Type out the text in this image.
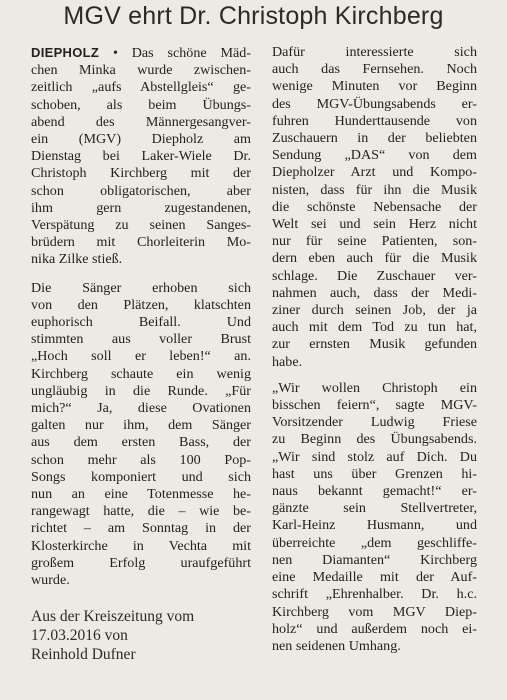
MGV ehrt Dr. Christoph Kirchberg
DIEPHOLZ • Das schöne Mäd-
chen Minka wurde zwischen-
zeitlich „aufs Abstellgleis“ ge-
schoben, als beim Übungs-
abend des Männergesangver-
ein (MGV) Diepholz am
Dienstag bei Laker-Wiele Dr.
Christoph Kirchberg mit der
schon obligatorischen, aber
ihm gern zugestandenen,
Verspätung zu seinen Sanges-
brüdern mit Chorleiterin Mo-
nika Zilke stieß.
Die Sänger erhoben sich
von den Plätzen, klatschten
euphorisch Beifall. Und
stimmten aus voller Brust
„Hoch soll er leben!“ an.
Kirchberg schaute ein wenig
ungläubig in die Runde. „Für
mich?“ Ja, diese Ovationen
galten nur ihm, dem Sänger
aus dem ersten Bass, der
schon mehr als 100 Pop-
Songs komponiert und sich
nun an eine Totenmesse he-
rangewagt hatte, die – wie be-
richtet – am Sonntag in der
Klosterkirche in Vechta mit
großem Erfolg uraufgeführt
wurde.
Dafür interessierte sich
auch das Fernsehen. Noch
wenige Minuten vor Beginn
des MGV-Übungsabends er-
fuhren Hunderttausende von
Zuschauern in der beliebten
Sendung „DAS“ von dem
Diepholzer Arzt und Kompo-
nisten, dass für ihn die Musik
die schönste Nebensache der
Welt sei und sein Herz nicht
nur für seine Patienten, son-
dern eben auch für die Musik
schlage. Die Zuschauer ver-
nahmen auch, dass der Medi-
ziner durch seinen Job, der ja
auch mit dem Tod zu tun hat,
zur ernsten Musik gefunden
habe.
„Wir wollen Christoph ein
bisschen feiern“, sagte MGV-
Vorsitzender Ludwig Friese
zu Beginn des Übungsabends.
„Wir sind stolz auf Dich. Du
hast uns über Grenzen hi-
naus bekannt gemacht!“ er-
gänzte sein Stellvertreter,
Karl-Heinz Husmann, und
überreichte „dem geschliffe-
nen Diamanten“ Kirchberg
eine Medaille mit der Auf-
schrift „Ehrenhalber. Dr. h.c.
Kirchberg vom MGV Diep-
holz“ und außerdem noch ei-
nen seidenen Umhang.
Aus der Kreiszeitung vom
17.03.2016 von
Reinhold Dufner
